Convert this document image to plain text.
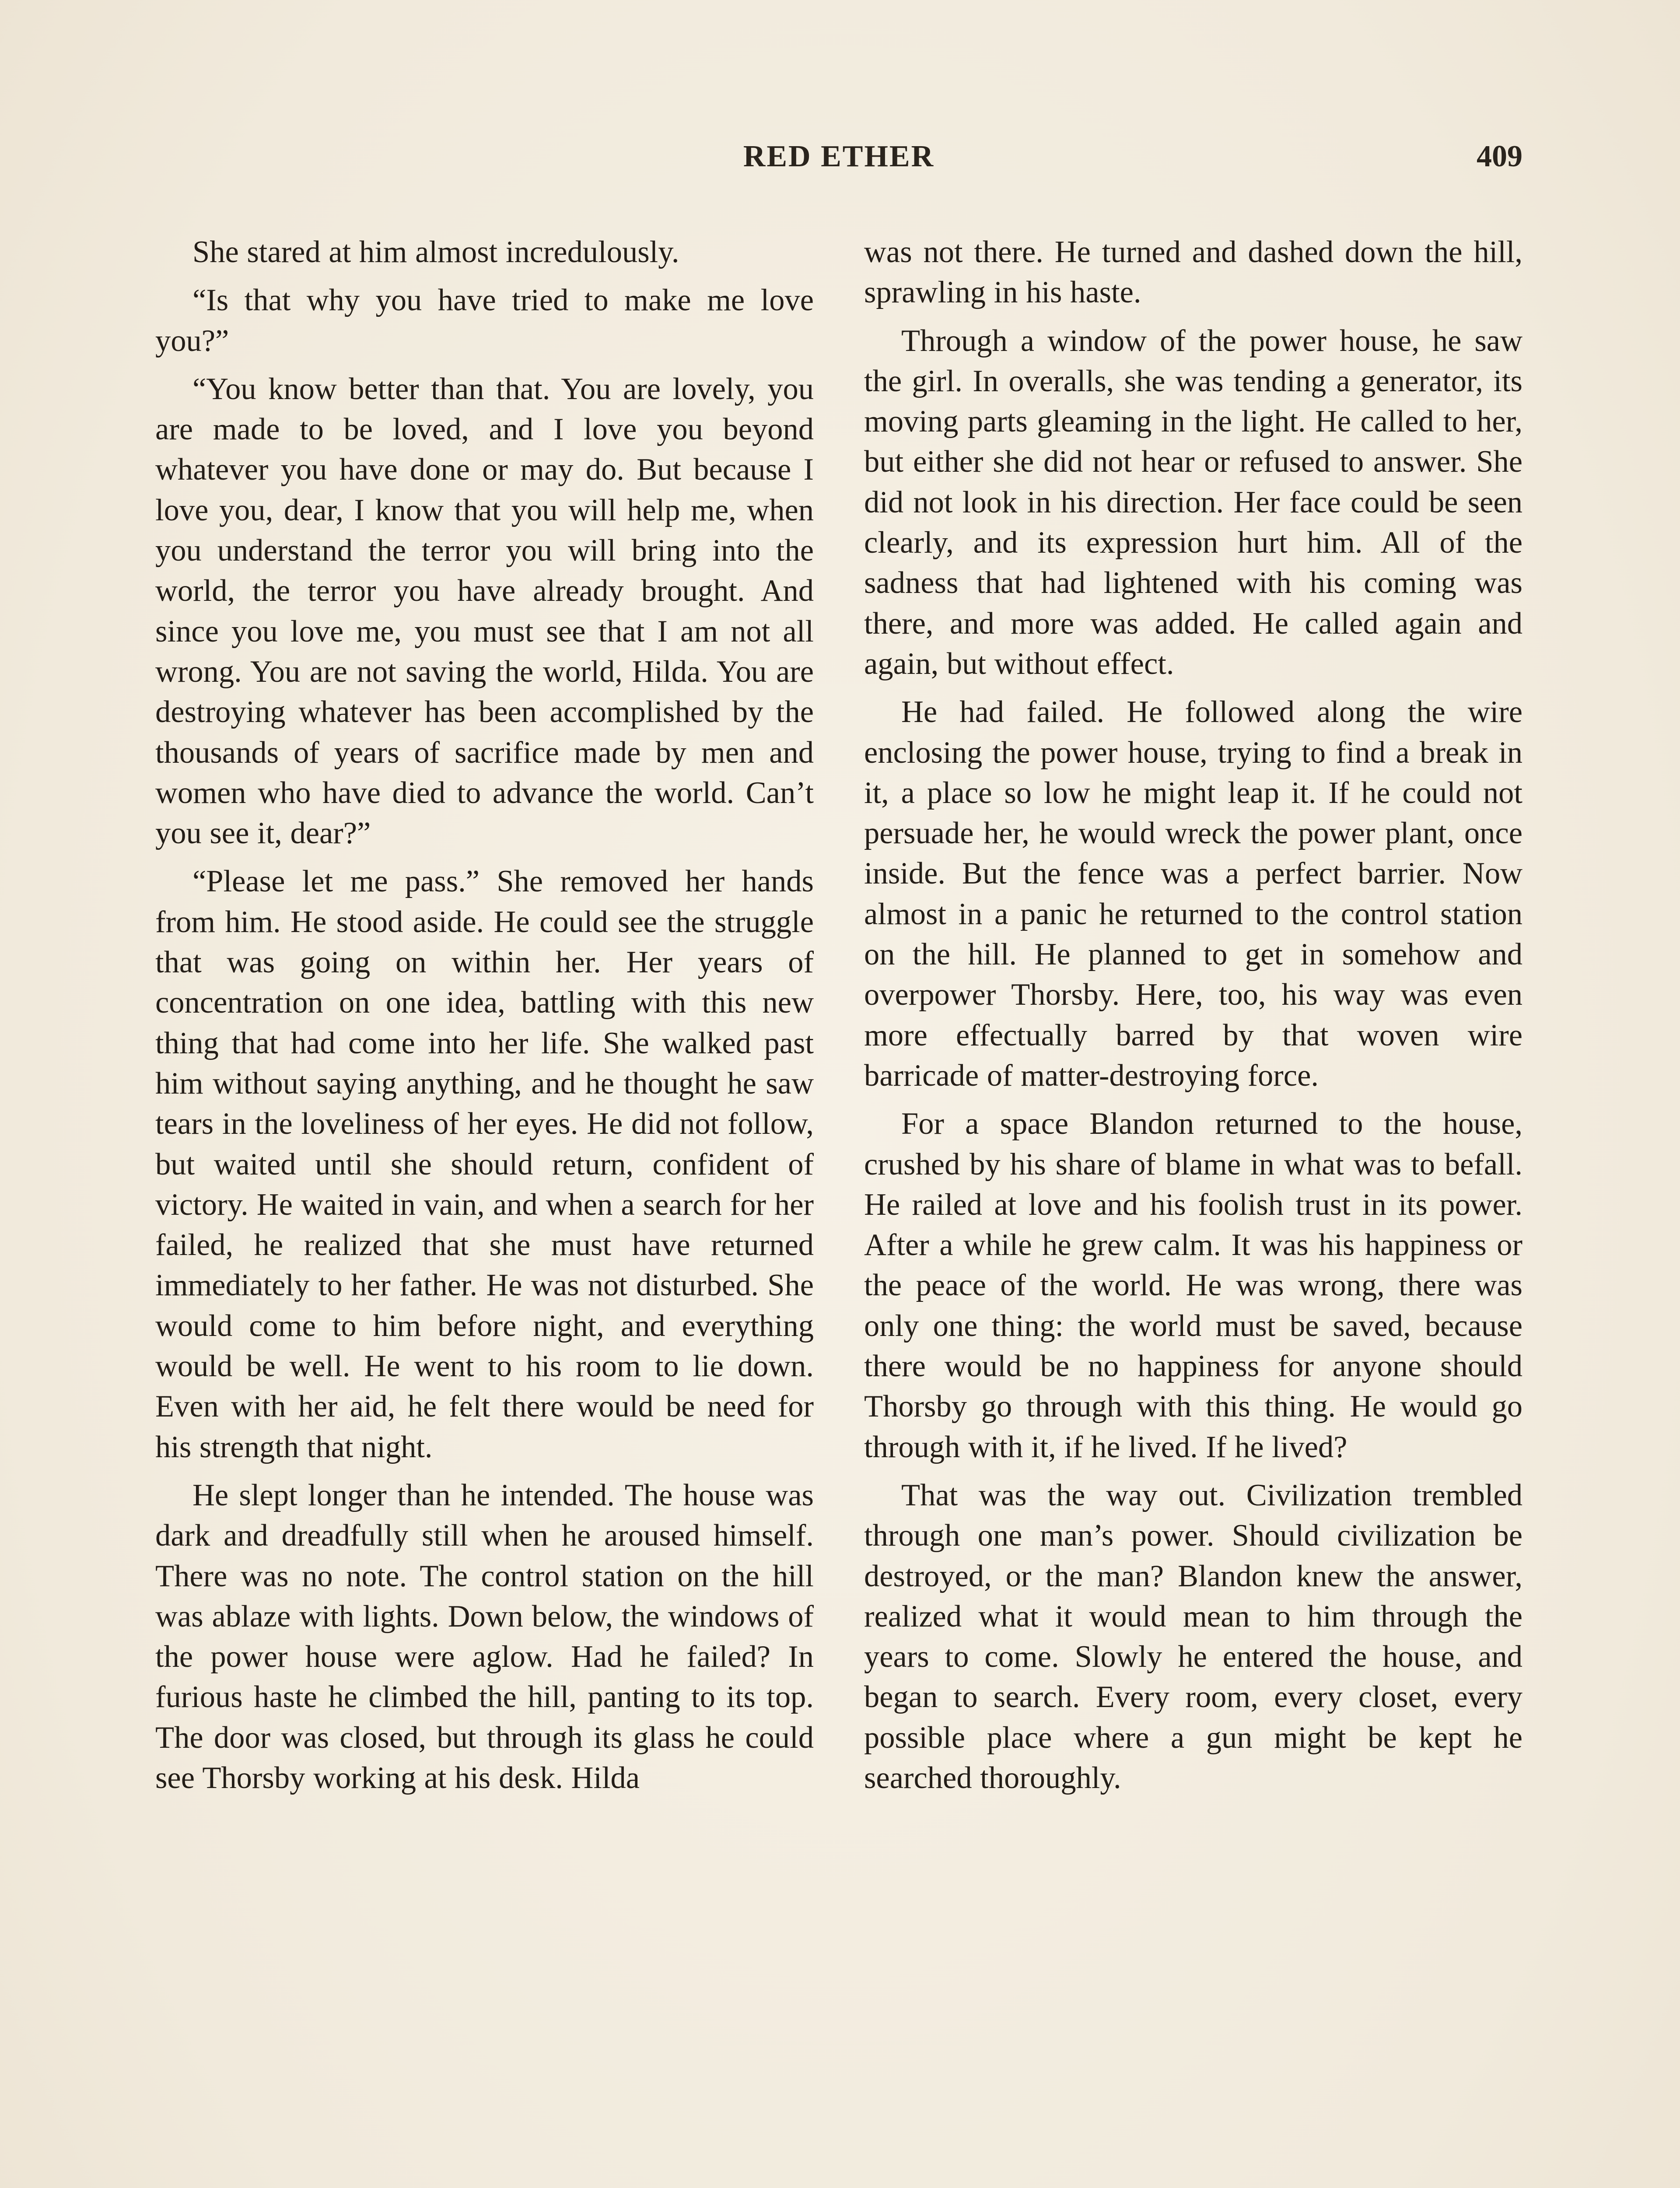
RED ETHER	409

She stared at him almost incredulously.

“Is that why you have tried to make me love you?”

“You know better than that. You are lovely, you are made to be loved, and I love you beyond whatever you have done or may do. But because I love you, dear, I know that you will help me, when you understand the terror you will bring into the world, the terror you have already brought. And since you love me, you must see that I am not all wrong. You are not saving the world, Hilda. You are destroying whatever has been accomplished by the thousands of years of sacrifice made by men and women who have died to advance the world. Can’t you see it, dear?”

“Please let me pass.” She removed her hands from him. He stood aside. He could see the struggle that was going on within her. Her years of concentration on one idea, battling with this new thing that had come into her life. She walked past him without saying anything, and he thought he saw tears in the loveliness of her eyes. He did not follow, but waited until she should return, confident of victory. He waited in vain, and when a search for her failed, he realized that she must have returned immediately to her father. He was not disturbed. She would come to him before night, and everything would be well. He went to his room to lie down. Even with her aid, he felt there would be need for his strength that night.

He slept longer than he intended. The house was dark and dreadfully still when he aroused himself. There was no note. The control station on the hill was ablaze with lights. Down below, the windows of the power house were aglow. Had he failed? In furious haste he climbed the hill, panting to its top. The door was closed, but through its glass he could see Thorsby working at his desk. Hilda

was not there. He turned and dashed down the hill, sprawling in his haste.

Through a window of the power house, he saw the girl. In overalls, she was tending a generator, its moving parts gleaming in the light. He called to her, but either she did not hear or refused to answer. She did not look in his direction. Her face could be seen clearly, and its expression hurt him. All of the sadness that had lightened with his coming was there, and more was added. He called again and again, but without effect.

He had failed. He followed along the wire enclosing the power house, trying to find a break in it, a place so low he might leap it. If he could not persuade her, he would wreck the power plant, once inside. But the fence was a perfect barrier. Now almost in a panic he returned to the control station on the hill. He planned to get in somehow and overpower Thorsby. Here, too, his way was even more effectually barred by that woven wire barricade of matter-destroying force.

For a space Blandon returned to the house, crushed by his share of blame in what was to befall. He railed at love and his foolish trust in its power. After a while he grew calm. It was his happiness or the peace of the world. He was wrong, there was only one thing: the world must be saved, because there would be no happiness for anyone should Thorsby go through with this thing. He would go through with it, if he lived. If he lived?

That was the way out. Civilization trembled through one man’s power. Should civilization be destroyed, or the man? Blandon knew the answer, realized what it would mean to him through the years to come. Slowly he entered the house, and began to search. Every room, every closet, every possible place where a gun might be kept he searched thoroughly.
